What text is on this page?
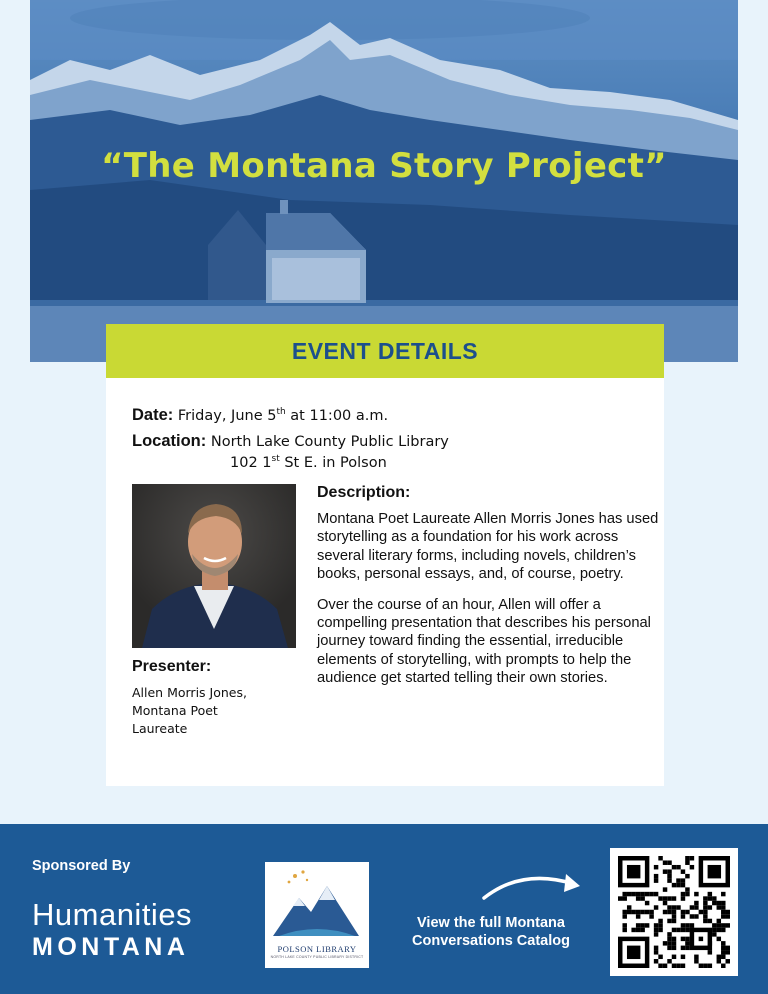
“The Montana Story Project”
EVENT DETAILS
Date: Friday, June 5th at 11:00 a.m.
Location: North Lake County Public Library
102 1st St E. in Polson
Description:

Montana Poet Laureate Allen Morris Jones has used storytelling as a foundation for his work across several literary forms, including novels, children’s books, personal essays, and, of course, poetry.

Over the course of an hour, Allen will offer a compelling presentation that describes his personal journey toward finding the essential, irreducible elements of storytelling, with prompts to help the audience get started telling their own stories.

Presenter:
Allen Morris Jones,
Montana Poet
Laureate
Sponsored By
Humanities
MONTANA	POLSON LIBRARY
NORTH LAKE COUNTY PUBLIC LIBRARY DISTRICT
View the full Montana
Conversations Catalog
